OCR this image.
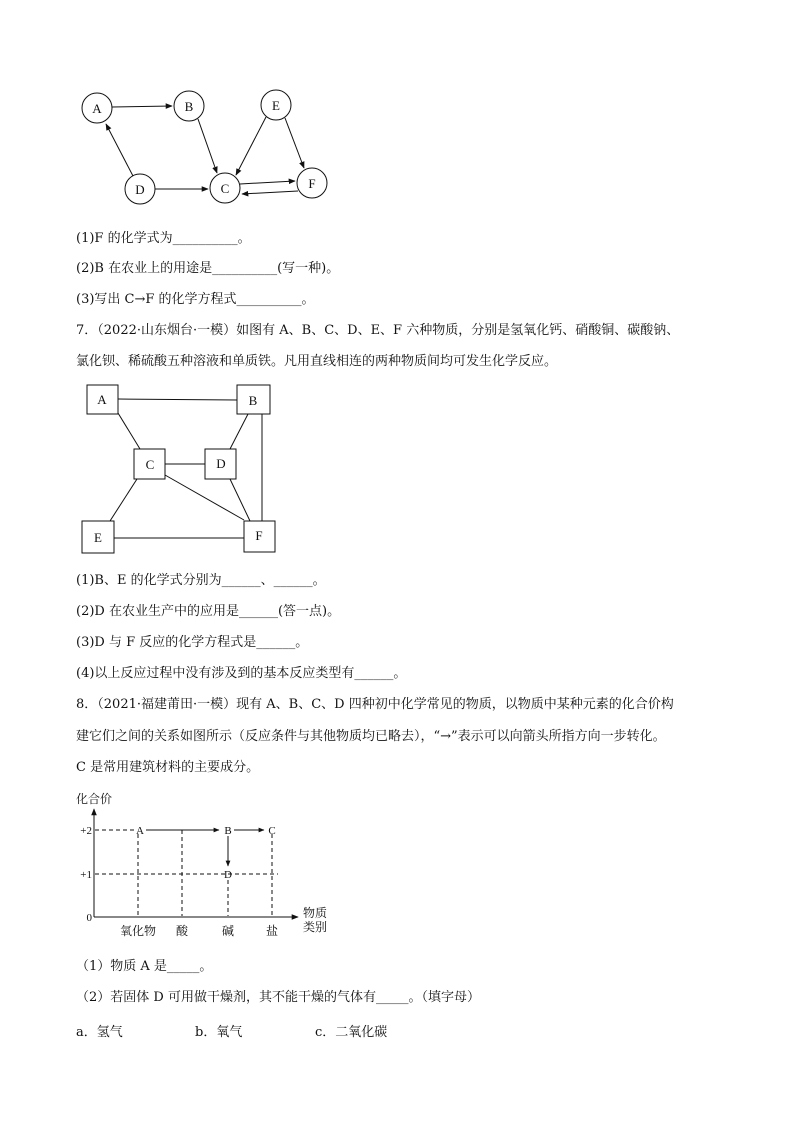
A	B
C
D
E
F
(1)F 的化学式为__________。
(2)B 在农业上的用途是__________(写一种)。
(3)写出 C→F 的化学方程式__________。
7．（2022·山东烟台·一模）如图有 A、B、C、D、E、F 六种物质，分别是氢氧化钙、硝酸铜、碳酸钠、
氯化钡、稀硫酸五种溶液和单质铁。凡用直线相连的两种物质间均可发生化学反应。
A	B
C	D
E	F
(1)B、E 的化学式分别为______、______。
(2)D 在农业生产中的应用是______(答一点)。
(3)D 与 F 反应的化学方程式是______。
(4)以上反应过程中没有涉及到的基本反应类型有______。
8．（2021·福建莆田·一模）现有 A、B、C、D 四种初中化学常见的物质，以物质中某种元素的化合价构
建它们之间的关系如图所示（反应条件与其他物质均已略去），“→”表示可以向箭头所指方向一步转化。
C 是常用建筑材料的主要成分。
化合价
物质
类别
+2
+1
0
氧化物 酸	碱	盐
A	B	C
D
（1）物质 A 是_____。
（2）若固体 D 可用做干燥剂，其不能干燥的气体有_____。（填字母）
a．氢气	b．氧气	c．二氧化碳
